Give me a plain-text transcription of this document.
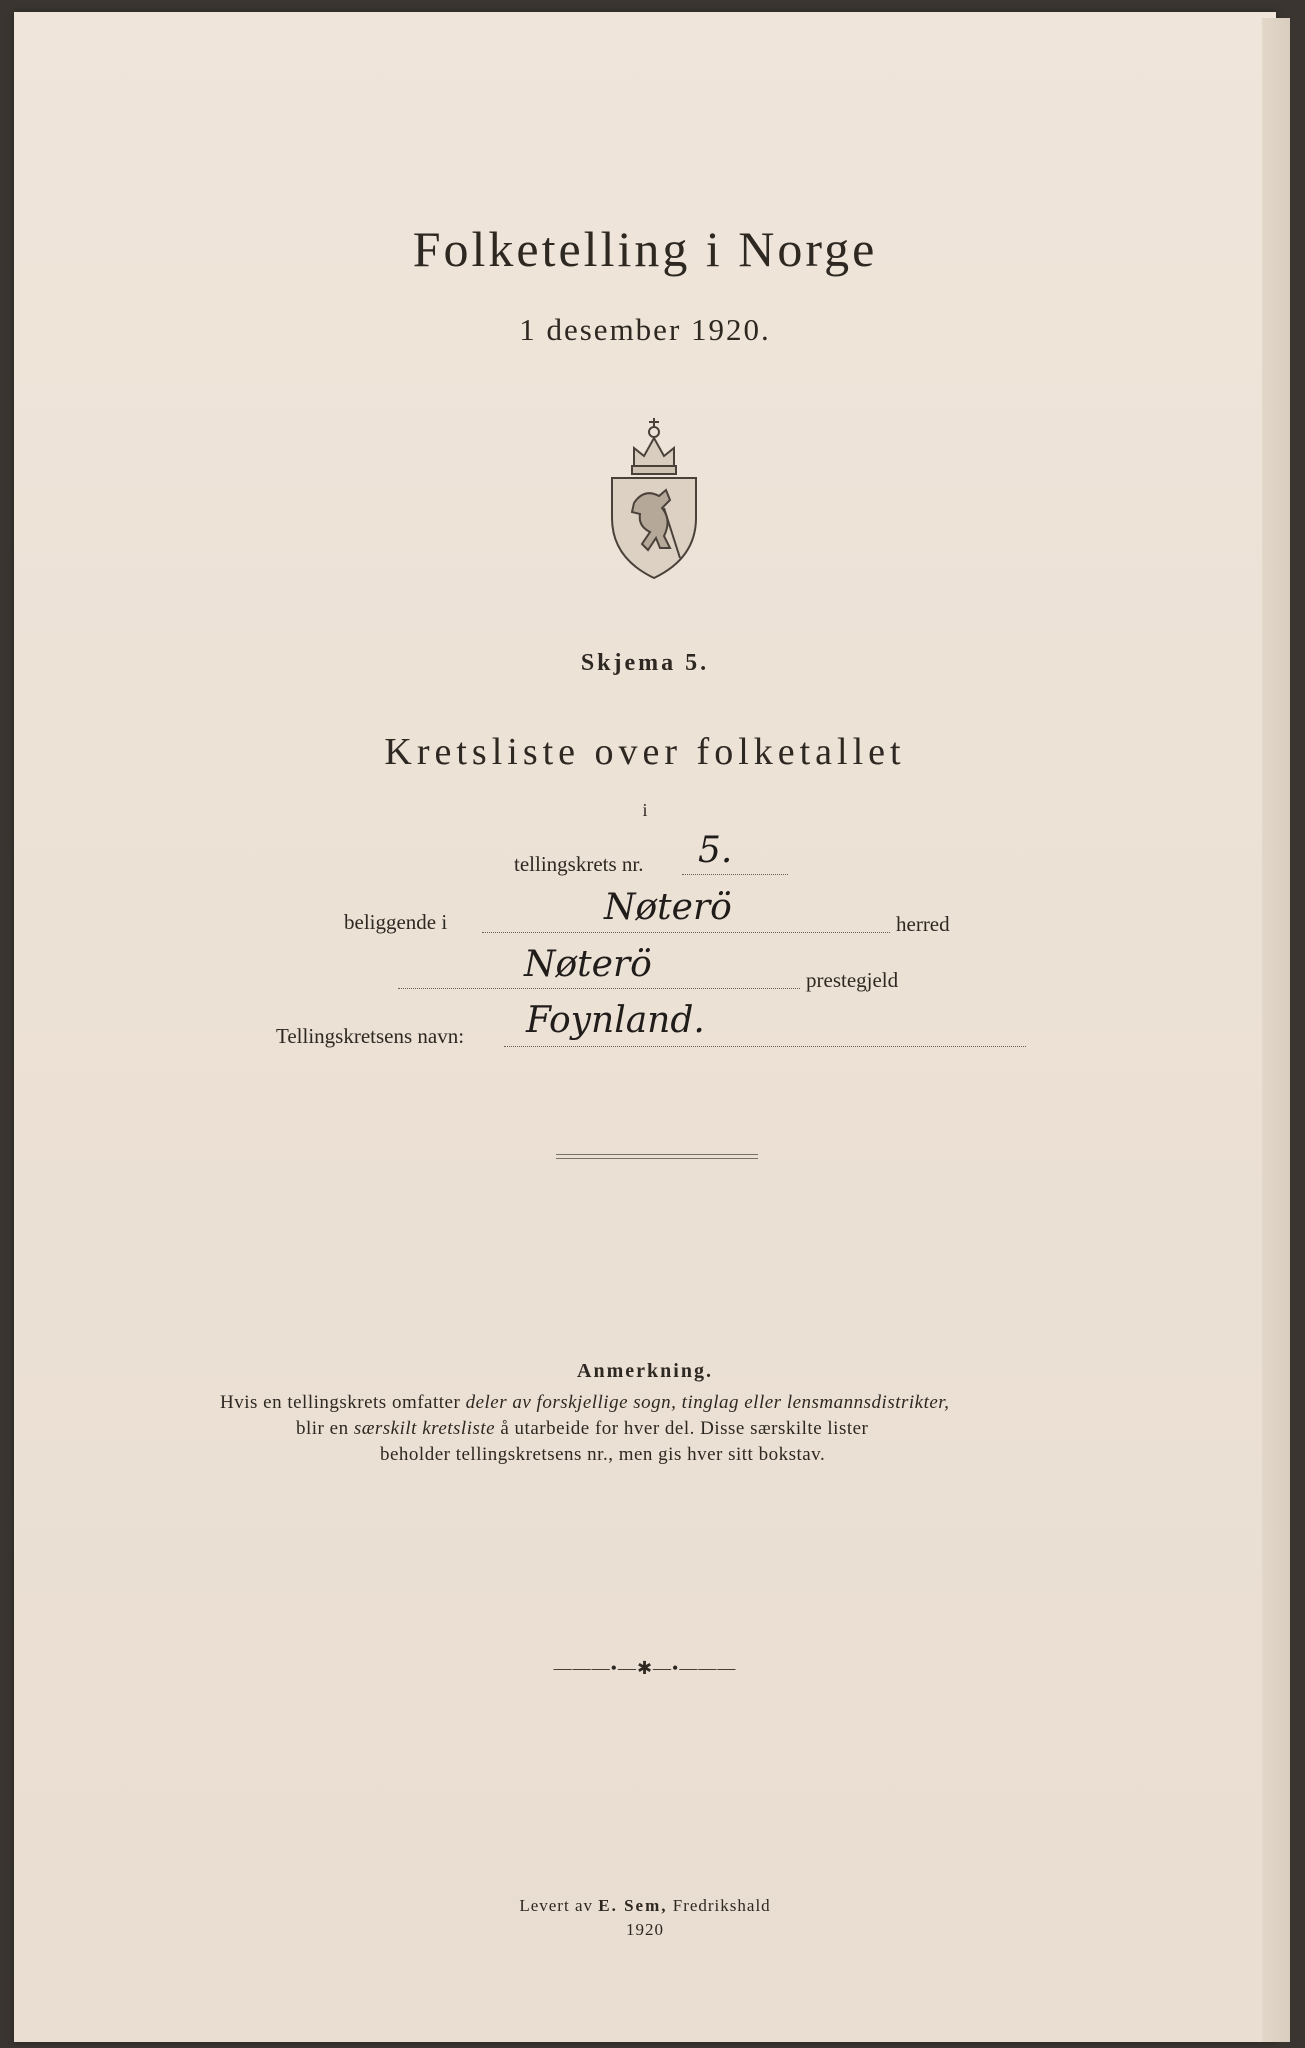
Folketelling i Norge
1 desember 1920.
Skjema 5.
Kretsliste over folketallet
i
tellingskrets nr. 5.
beliggende i	Nøterö	herred
Nøterö	prestegjeld
Tellingskretsens navn: Foynland.
Anmerkning.
Hvis en tellingskrets omfatter deler av forskjellige sogn, tinglag eller lensmannsdistrikter,
blir en særskilt kretsliste å utarbeide for hver del. Disse særskilte lister
beholder tellingskretsens nr., men gis hver sitt bokstav.
———•—✱—•———
Levert av E. Sem, Fredrikshald
1920
